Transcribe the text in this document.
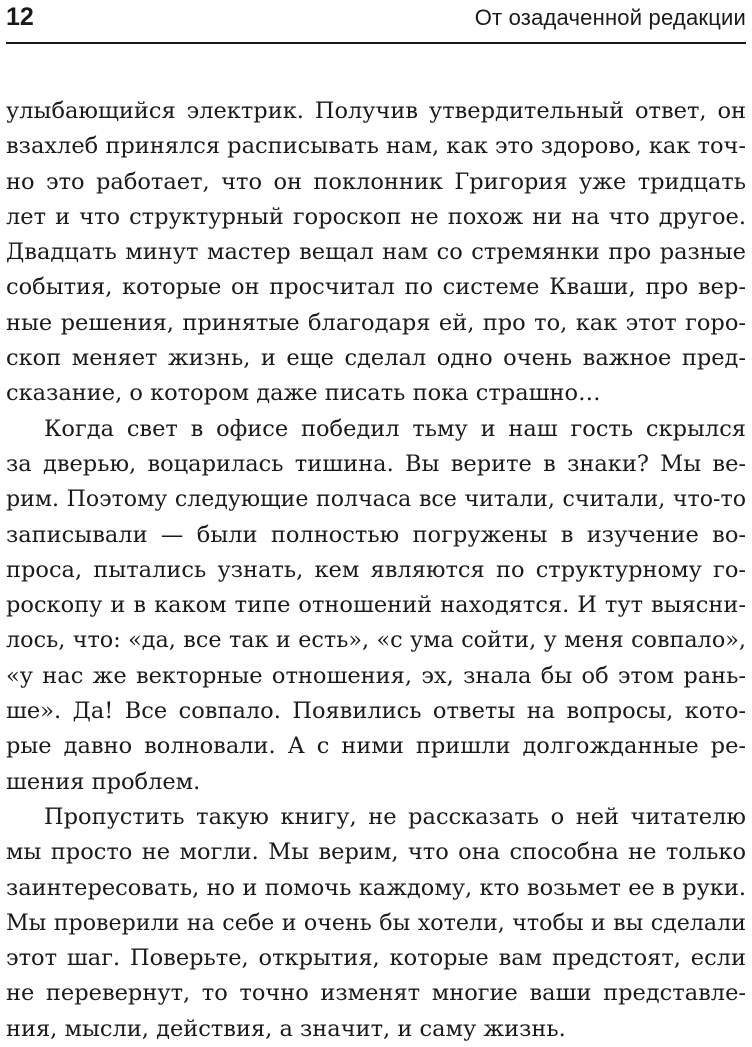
12	От озадаченной редакции
улыбающийся электрик. Получив утвердительный ответ, он
взахлеб принялся расписывать нам, как это здорово, как точ-
но это работает, что он поклонник Григория уже тридцать
лет и что структурный гороскоп не похож ни на что другое.
Двадцать минут мастер вещал нам со стремянки про разные
события, которые он просчитал по системе Кваши, про вер-
ные решения, принятые благодаря ей, про то, как этот горо-
скоп меняет жизнь, и еще сделал одно очень важное пред-
сказание, о котором даже писать пока страшно…
Когда свет в офисе победил тьму и наш гость скрылся
за дверью, воцарилась тишина. Вы верите в знаки? Мы ве-
рим. Поэтому следующие полчаса все читали, считали, что-то
записывали — были полностью погружены в изучение во-
проса, пытались узнать, кем являются по структурному го-
роскопу и в каком типе отношений находятся. И тут выясни-
лось, что: «да, все так и есть», «с ума сойти, у меня совпало»,
«у нас же векторные отношения, эх, знала бы об этом рань-
ше». Да! Все совпало. Появились ответы на вопросы, кото-
рые давно волновали. А с ними пришли долгожданные ре-
шения проблем.
Пропустить такую книгу, не рассказать о ней читателю
мы просто не могли. Мы верим, что она способна не только
заинтересовать, но и помочь каждому, кто возьмет ее в руки.
Мы проверили на себе и очень бы хотели, чтобы и вы сделали
этот шаг. Поверьте, открытия, которые вам предстоят, если
не перевернут, то точно изменят многие ваши представле-
ния, мысли, действия, а значит, и саму жизнь.
